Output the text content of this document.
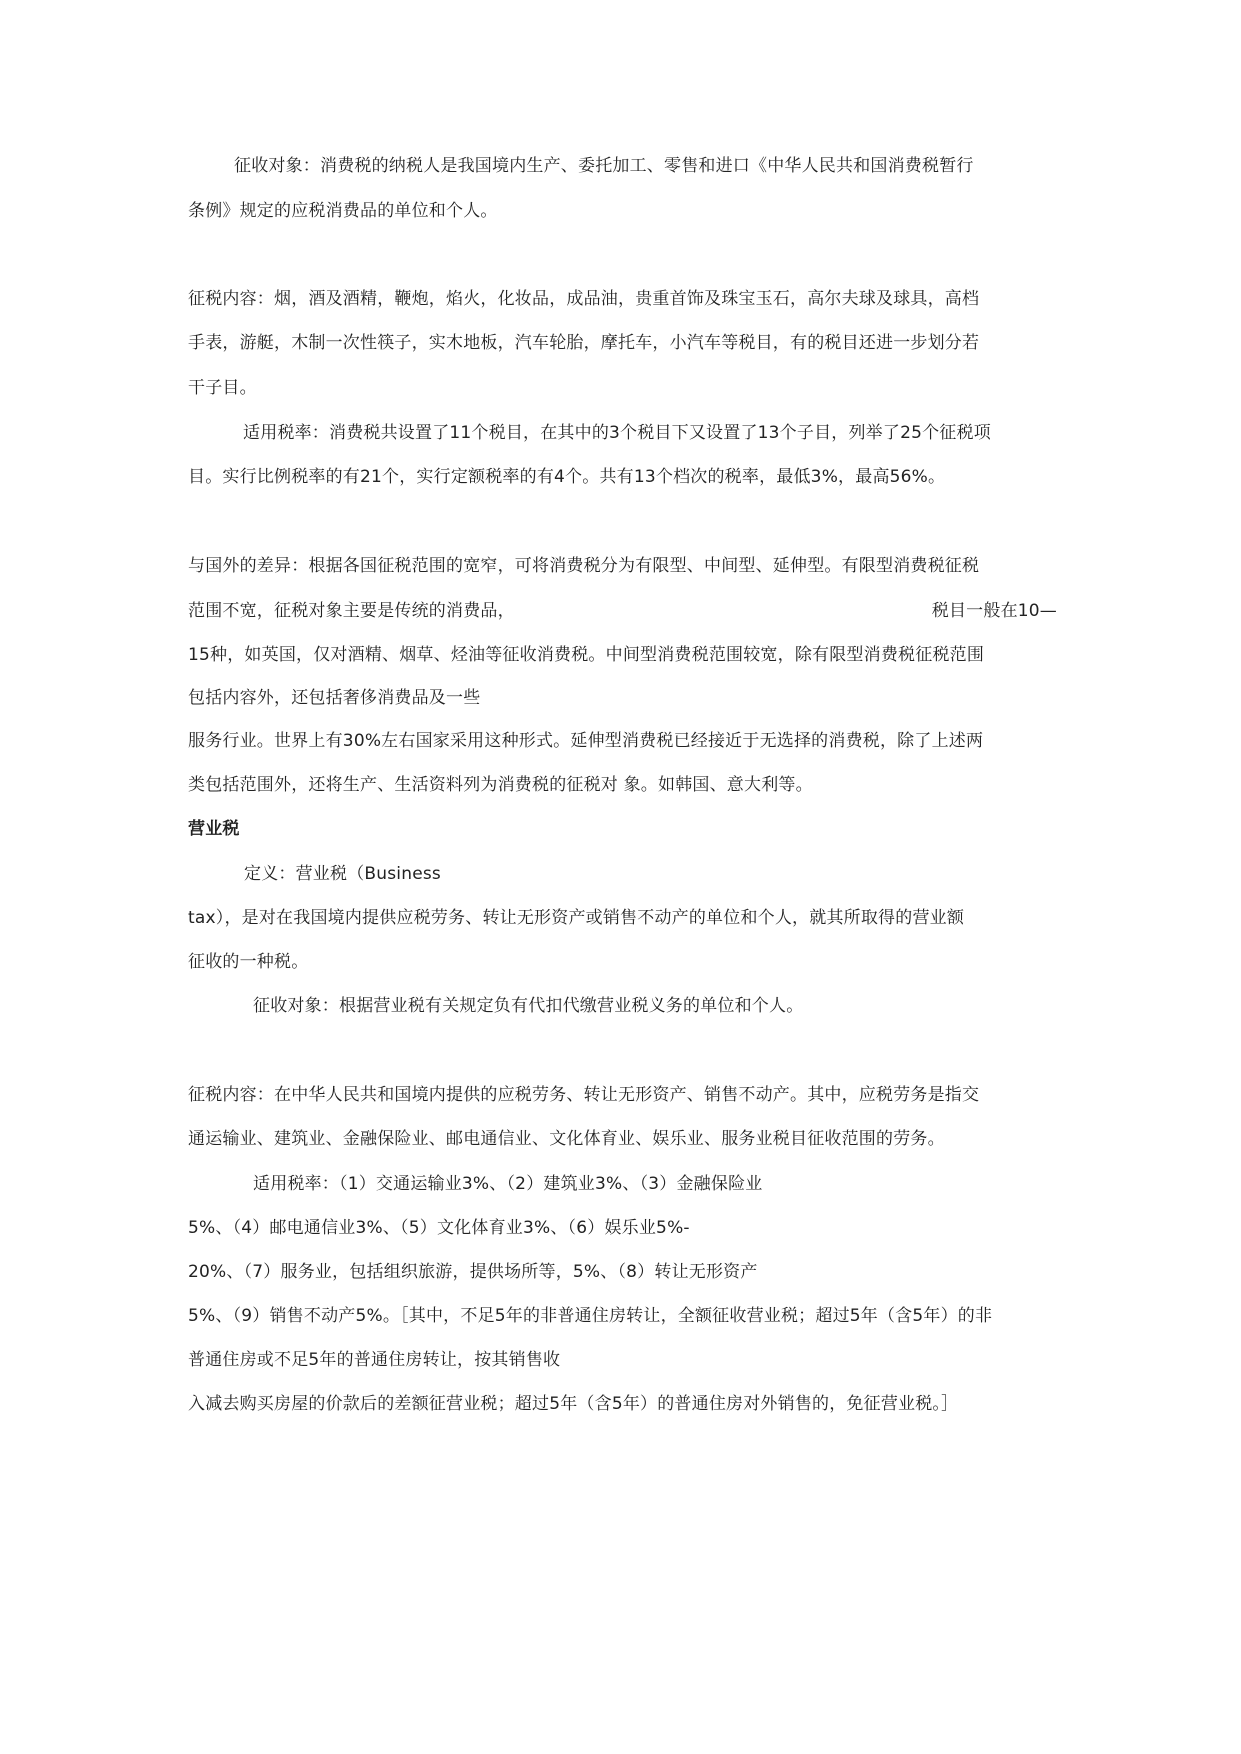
征收对象：消费税的纳税人是我国境内生产、委托加工、零售和进口《中华人民共和国消费税暂行
条例》规定的应税消费品的单位和个人。
征税内容：烟，酒及酒精，鞭炮，焰火，化妆品，成品油，贵重首饰及珠宝玉石，高尔夫球及球具，高档
手表，游艇，木制一次性筷子，实木地板，汽车轮胎，摩托车，小汽车等税目，有的税目还进一步划分若
干子目。
适用税率：消费税共设置了11个税目，在其中的3个税目下又设置了13个子目，列举了25个征税项
目。实行比例税率的有21个，实行定额税率的有4个。共有13个档次的税率，最低3%，最高56%。
与国外的差异：根据各国征税范围的宽窄，可将消费税分为有限型、中间型、延伸型。有限型消费税征税
范围不宽，征税对象主要是传统的消费品，	税目一般在10—
15种，如英国，仅对酒精、烟草、烃油等征收消费税。中间型消费税范围较宽，除有限型消费税征税范围
包括内容外，还包括奢侈消费品及一些
服务行业。世界上有30%左右国家采用这种形式。延伸型消费税已经接近于无选择的消费税，除了上述两
类包括范围外，还将生产、生活资料列为消费税的征税对 象。如韩国、意大利等。
营业税
定义：营业税（Business
tax），是对在我国境内提供应税劳务、转让无形资产或销售不动产的单位和个人，就其所取得的营业额
征收的一种税。
征收对象：根据营业税有关规定负有代扣代缴营业税义务的单位和个人。
征税内容：在中华人民共和国境内提供的应税劳务、转让无形资产、销售不动产。其中，应税劳务是指交
通运输业、建筑业、金融保险业、邮电通信业、文化体育业、娱乐业、服务业税目征收范围的劳务。
适用税率：（1）交通运输业3%、（2）建筑业3%、（3）金融保险业
5%、（4）邮电通信业3%、（5）文化体育业3%、（6）娱乐业5%-
20%、（7）服务业，包括组织旅游，提供场所等，5%、（8）转让无形资产
5%、（9）销售不动产5%。［其中，不足5年的非普通住房转让，全额征收营业税；超过5年（含5年）的非
普通住房或不足5年的普通住房转让，按其销售收
入减去购买房屋的价款后的差额征营业税；超过5年（含5年）的普通住房对外销售的，免征营业税。］
